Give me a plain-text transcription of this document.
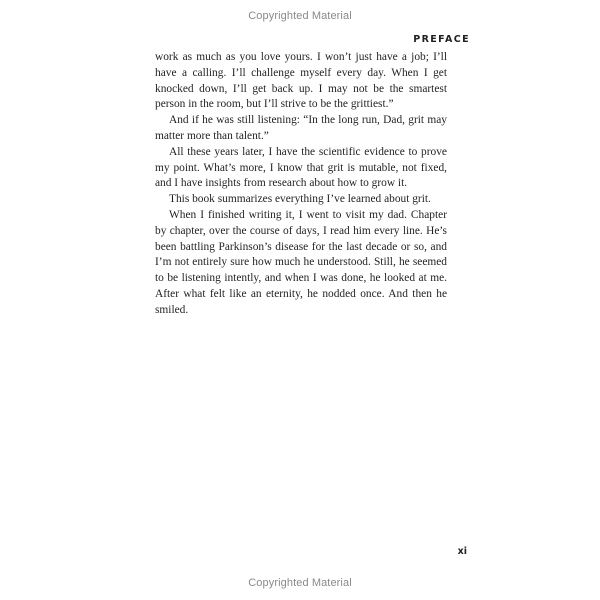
Copyrighted Material
PREFACE

work as much as you love yours. I won’t just have a job; I’ll have a calling. I’ll challenge myself every day. When I get knocked down, I’ll get back up. I may not be the smartest person in the room, but I’ll strive to be the grittiest.”

And if he was still listening: “In the long run, Dad, grit may matter more than talent.”

All these years later, I have the scientific evidence to prove my point. What’s more, I know that grit is mutable, not fixed, and I have insights from research about how to grow it.

This book summarizes everything I’ve learned about grit.

When I finished writing it, I went to visit my dad. Chapter by chapter, over the course of days, I read him every line. He’s been battling Parkinson’s disease for the last decade or so, and I’m not entirely sure how much he understood. Still, he seemed to be listening intently, and when I was done, he looked at me. After what felt like an eternity, he nodded once. And then he smiled.

xi
Copyrighted Material
